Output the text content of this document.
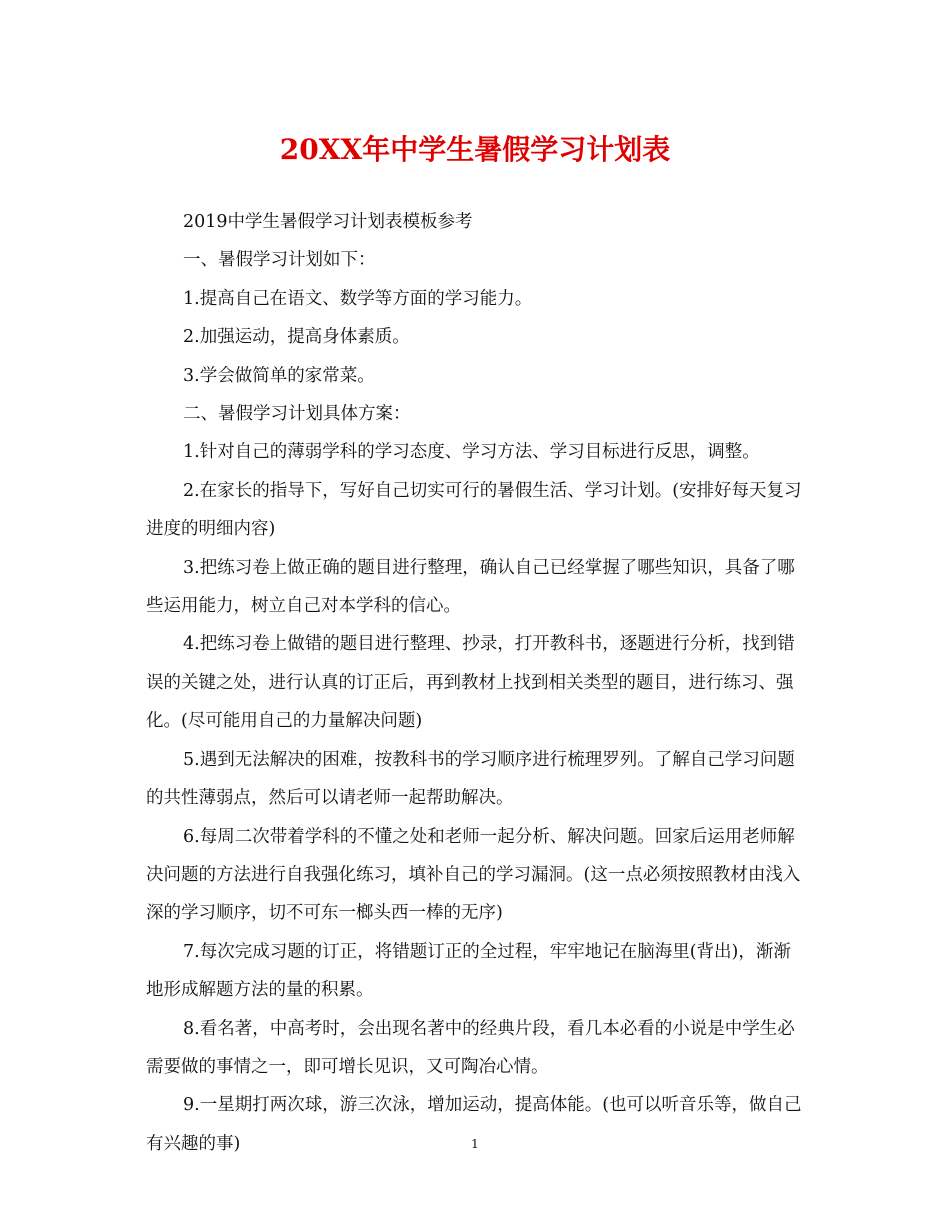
20XX年中学生暑假学习计划表

2019中学生暑假学习计划表模板参考

一、暑假学习计划如下：

1.提高自己在语文、数学等方面的学习能力。

2.加强运动，提高身体素质。

3.学会做简单的家常菜。

二、暑假学习计划具体方案：

1.针对自己的薄弱学科的学习态度、学习方法、学习目标进行反思，调整。

2.在家长的指导下，写好自己切实可行的暑假生活、学习计划。(安排好每天复习进度的明细内容)

3.把练习卷上做正确的题目进行整理，确认自己已经掌握了哪些知识，具备了哪些运用能力，树立自己对本学科的信心。

4.把练习卷上做错的题目进行整理、抄录，打开教科书，逐题进行分析，找到错误的关键之处，进行认真的订正后，再到教材上找到相关类型的题目，进行练习、强化。(尽可能用自己的力量解决问题)

5.遇到无法解决的困难，按教科书的学习顺序进行梳理罗列。了解自己学习问题的共性薄弱点，然后可以请老师一起帮助解决。

6.每周二次带着学科的不懂之处和老师一起分析、解决问题。回家后运用老师解决问题的方法进行自我强化练习，填补自己的学习漏洞。(这一点必须按照教材由浅入深的学习顺序，切不可东一榔头西一棒的无序)

7.每次完成习题的订正，将错题订正的全过程，牢牢地记在脑海里(背出)，渐渐地形成解题方法的量的积累。

8.看名著，中高考时，会出现名著中的经典片段，看几本必看的小说是中学生必需要做的事情之一，即可增长见识，又可陶冶心情。

9.一星期打两次球，游三次泳，增加运动，提高体能。(也可以听音乐等，做自己有兴趣的事)	1
